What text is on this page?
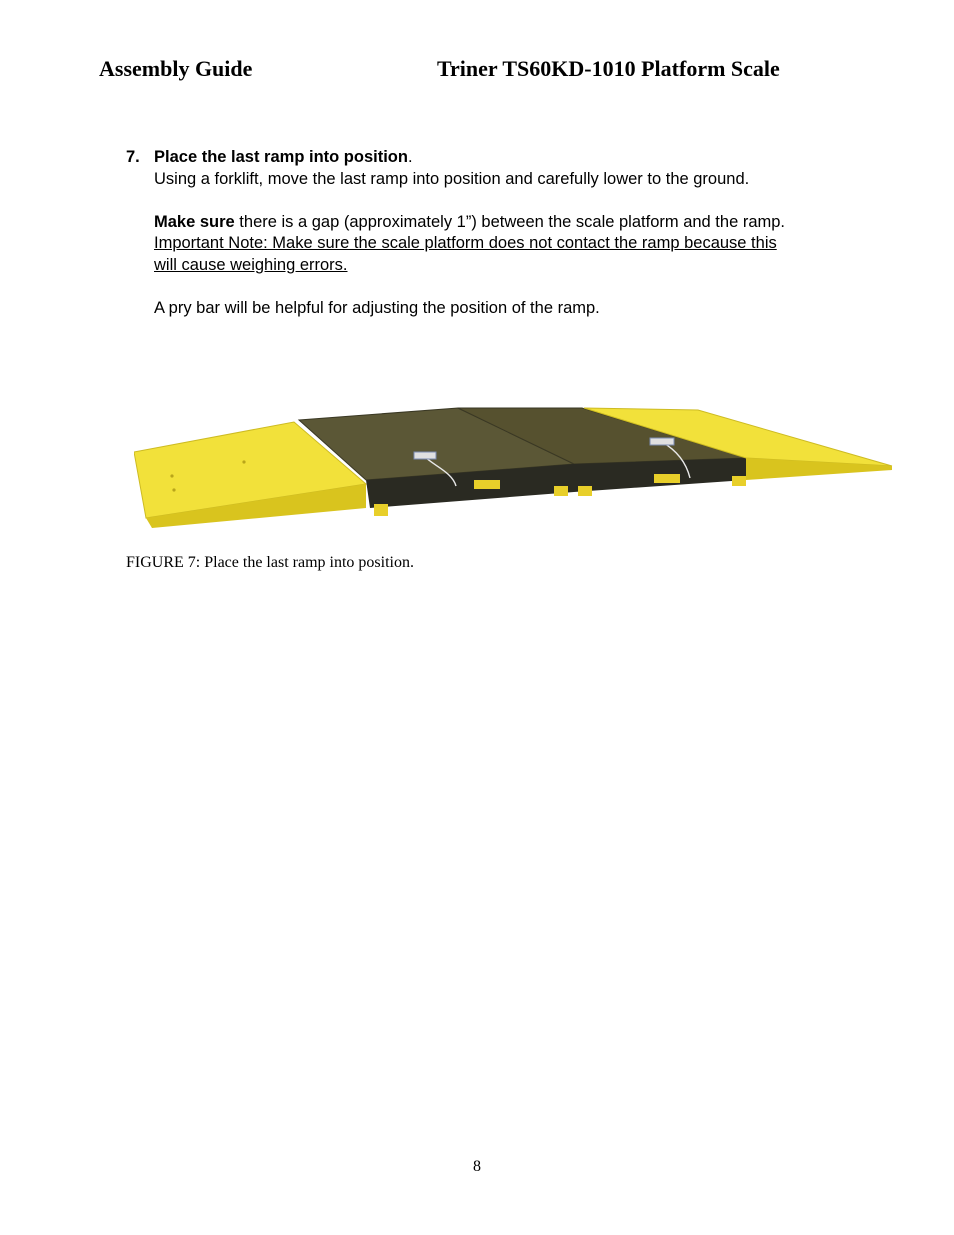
Assembly Guide	Triner TS60KD-1010 Platform Scale
7. Place the last ramp into position.

Using a forklift, move the last ramp into position and carefully lower to the ground.

Make sure there is a gap (approximately 1”) between the scale platform and the ramp.

Important Note: Make sure the scale platform does not contact the ramp because this

will cause weighing errors.

A pry bar will be helpful for adjusting the position of the ramp.

FIGURE 7: Place the last ramp into position.
8
